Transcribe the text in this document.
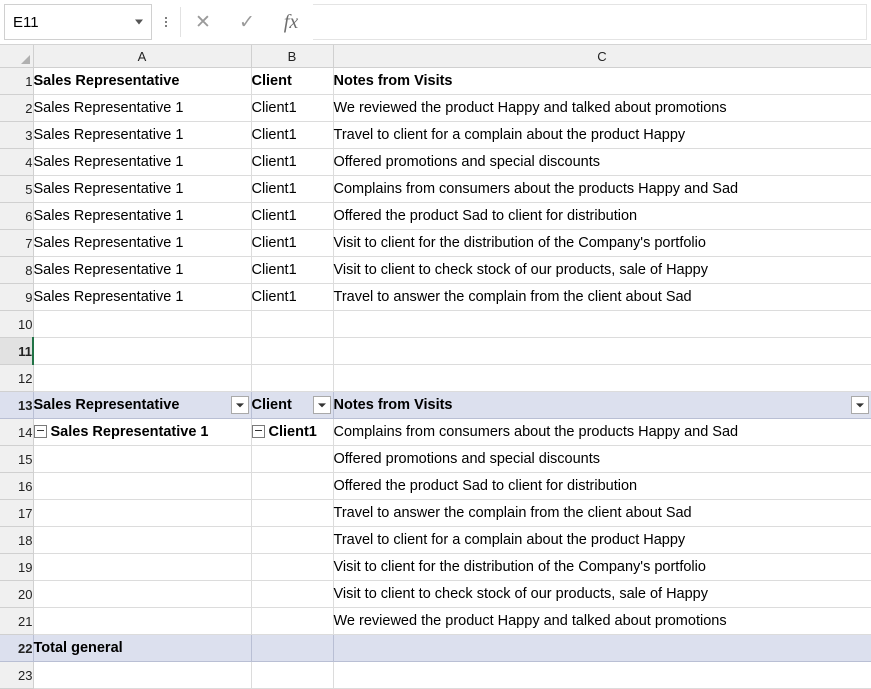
E11	✕	✓	fx
	A	B	C
1	Sales Representative	Client	Notes from Visits
2	Sales Representative 1	Client1	We reviewed the product Happy and talked about promotions
3	Sales Representative 1	Client1	Travel to client for a complain about the product Happy
4	Sales Representative 1	Client1	Offered promotions and special discounts
5	Sales Representative 1	Client1	Complains from consumers about the products Happy and Sad
6	Sales Representative 1	Client1	Offered the product Sad to client for distribution
7	Sales Representative 1	Client1	Visit to client for the distribution of the Company's portfolio
8	Sales Representative 1	Client1	Visit to client to check stock of our products, sale of Happy
9	Sales Representative 1	Client1	Travel to answer the complain from the client about Sad
10			
11			
12			
13	Sales Representative	Client	Notes from Visits
14	Sales Representative 1	Client1	Complains from consumers about the products Happy and Sad
15			Offered promotions and special discounts
16			Offered the product Sad to client for distribution
17			Travel to answer the complain from the client about Sad
18			Travel to client for a complain about the product Happy
19			Visit to client for the distribution of the Company's portfolio
20			Visit to client to check stock of our products, sale of Happy
21			We reviewed the product Happy and talked about promotions
22	Total general		
23			
